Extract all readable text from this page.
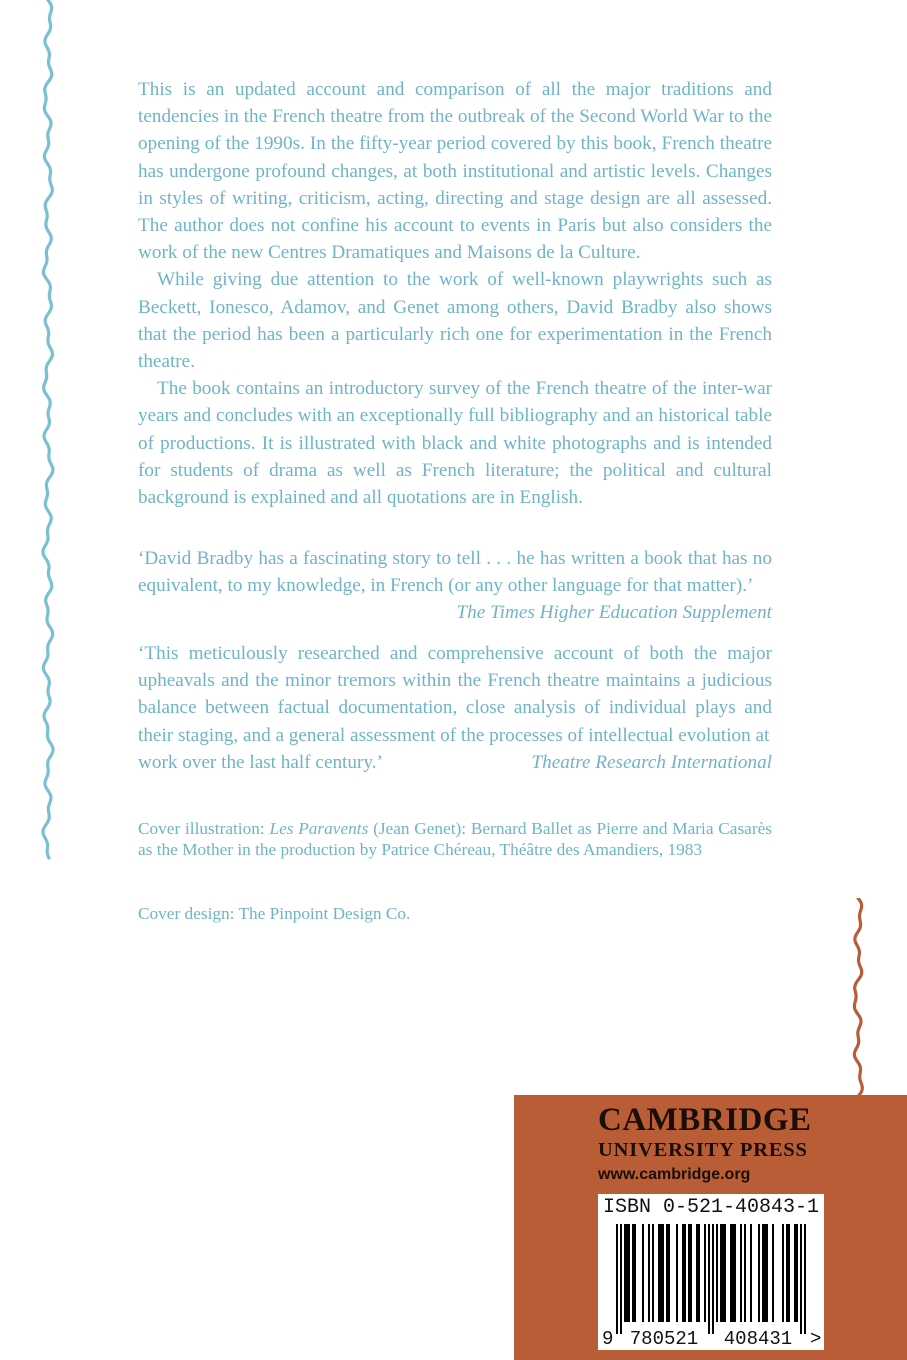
This is an updated account and comparison of all the major traditions and tendencies in the French theatre from the outbreak of the Second World War to the opening of the 1990s. In the fifty-year period covered by this book, French theatre has undergone profound changes, at both institutional and artistic levels. Changes in styles of writing, criticism, acting, directing and stage design are all assessed. The author does not confine his account to events in Paris but also considers the work of the new Centres Dramatiques and Maisons de la Culture.

While giving due attention to the work of well-known playwrights such as Beckett, Ionesco, Adamov, and Genet among others, David Bradby also shows that the period has been a particularly rich one for experimentation in the French theatre.

The book contains an introductory survey of the French theatre of the inter-war years and concludes with an exceptionally full bibliography and an historical table of productions. It is illustrated with black and white photographs and is intended for students of drama as well as French literature; the political and cultural background is explained and all quotations are in English.

‘David Bradby has a fascinating story to tell . . . he has written a book that has no equivalent, to my knowledge, in French (or any other language for that matter).’
The Times Higher Education Supplement
‘This meticulously researched and comprehensive account of both the major upheavals and the minor tremors within the French theatre maintains a judicious balance between factual documentation, close analysis of individual plays and their staging, and a general assessment of the processes of intellectual evolution at
work over the last half century.’	Theatre Research International
Cover illustration: Les Paravents (Jean Genet): Bernard Ballet as Pierre and Maria Casarès as the Mother in the production by Patrice Chéreau, Théâtre des Amandiers, 1983
Cover design: The Pinpoint Design Co.
CAMBRIDGE
UNIVERSITY PRESS
www.cambridge.org
ISBN 0-521-40843-1
9 780521 408431 >
